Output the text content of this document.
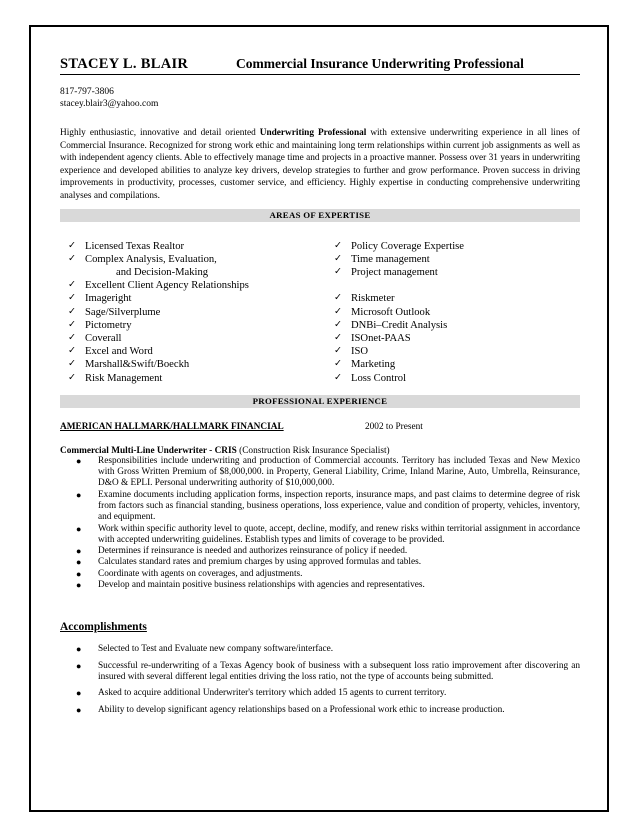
STACEY L. BLAIR	Commercial Insurance Underwriting Professional
817-797-3806
stacey.blair3@yahoo.com
Highly enthusiastic, innovative and detail oriented Underwriting Professional with extensive underwriting experience in all lines of Commercial Insurance. Recognized for strong work ethic and maintaining long term relationships within current job assignments as well as with independent agency clients. Able to effectively manage time and projects in a proactive manner. Possess over 31 years in underwriting experience and developed abilities to analyze key drivers, develop strategies to further and grow performance. Proven success in driving improvements in productivity, processes, customer service, and efficiency. Highly expertise in conducting comprehensive underwriting analyses and compilations.
AREAS OF EXPERTISE
✓ Licensed Texas Realtor
✓ Complex Analysis, Evaluation,
and Decision-Making
✓ Excellent Client Agency Relationships
✓ Imageright
✓ Sage/Silverplume
✓ Pictometry
✓ Coverall
✓ Excel and Word
✓ Marshall&Swift/Boeckh
✓ Risk Management
✓ Policy Coverage Expertise
✓ Time management
✓ Project management
✓ Riskmeter
✓ Microsoft Outlook
✓ DNBi–Credit Analysis
✓ ISOnet-PAAS
✓ ISO
✓ Marketing
✓ Loss Control
PROFESSIONAL EXPERIENCE
AMERICAN HALLMARK/HALLMARK FINANCIAL	2002 to Present
Commercial Multi-Line Underwriter - CRIS (Construction Risk Insurance Specialist)
● Responsibilities include underwriting and production of Commercial accounts. Territory has included Texas and New Mexico with Gross Written Premium of $8,000,000. in Property, General Liability, Crime, Inland Marine, Auto, Umbrella, Reinsurance, D&O & EPLI. Personal underwriting authority of $10,000,000.
● Examine documents including application forms, inspection reports, insurance maps, and past claims to determine degree of risk from factors such as financial standing, business operations, loss experience, value and condition of property, vehicles, inventory, and equipment.
● Work within specific authority level to quote, accept, decline, modify, and renew risks within territorial assignment in accordance with accepted underwriting guidelines. Establish types and limits of coverage to be provided.
● Determines if reinsurance is needed and authorizes reinsurance of policy if needed.
● Calculates standard rates and premium charges by using approved formulas and tables.
● Coordinate with agents on coverages, and adjustments.
● Develop and maintain positive business relationships with agencies and representatives.
Accomplishments
● Selected to Test and Evaluate new company software/interface.
● Successful re-underwriting of a Texas Agency book of business with a subsequent loss ratio improvement after discovering an insured with several different legal entities driving the loss ratio, not the type of accounts being submitted.
● Asked to acquire additional Underwriter's territory which added 15 agents to current territory.
● Ability to develop significant agency relationships based on a Professional work ethic to increase production.
